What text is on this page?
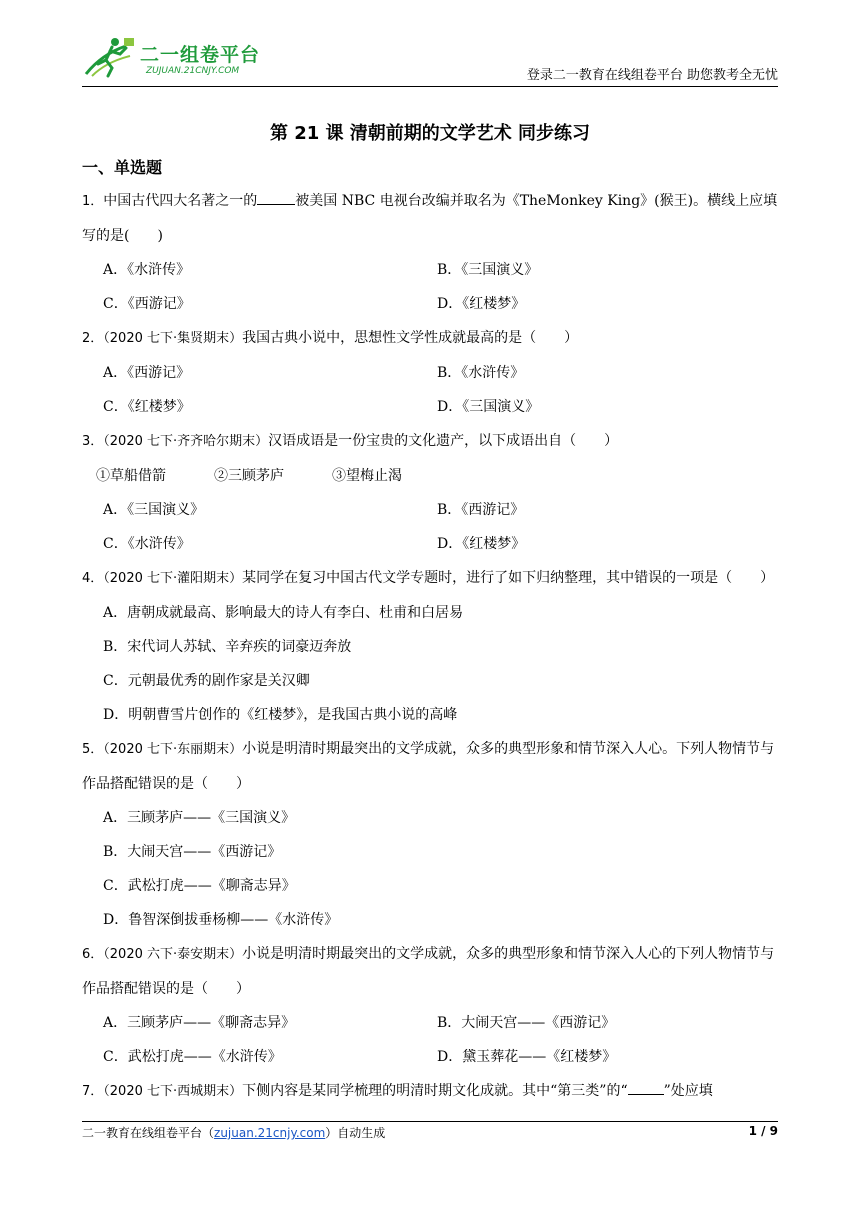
二一组卷平台
ZUJUAN.21CNJY.COM	登录二一教育在线组卷平台 助您教考全无忧
第 21 课 清朝前期的文学艺术 同步练习
一、单选题

1．中国古代四大名著之一的	被美国 NBC 电视台改编并取名为《TheMonkey King》(猴王)。横线上应填写的是(　　)

A．《水浒传》	B．《三国演义》
C．《西游记》	D．《红楼梦》

2．（2020 七下·集贤期末）我国古典小说中，思想性文学性成就最高的是（　　）

A．《西游记》	B．《水浒传》
C．《红楼梦》	D．《三国演义》

3．（2020 七下·齐齐哈尔期末）汉语成语是一份宝贵的文化遗产，以下成语出自（　　）

①草船借箭	②三顾茅庐	③望梅止渴
A．《三国演义》	B．《西游记》
C．《水浒传》	D．《红楼梦》

4．（2020 七下·灌阳期末）某同学在复习中国古代文学专题时，进行了如下归纳整理，其中错误的一项是（　　）

A．唐朝成就最高、影响最大的诗人有李白、杜甫和白居易
B．宋代词人苏轼、辛弃疾的词豪迈奔放
C．元朝最优秀的剧作家是关汉卿
D．明朝曹雪片创作的《红楼梦》，是我国古典小说的高峰

5．（2020 七下·东丽期末）小说是明清时期最突出的文学成就，众多的典型形象和情节深入人心。下列人物情节与作品搭配错误的是（　　）

A．三顾茅庐——《三国演义》
B．大闹天宫——《西游记》
C．武松打虎——《聊斋志异》
D．鲁智深倒拔垂杨柳——《水浒传》

6．（2020 六下·泰安期末）小说是明清时期最突出的文学成就，众多的典型形象和情节深入人心的下列人物情节与作品搭配错误的是（　　）

A．三顾茅庐——《聊斋志异》	B．大闹天宫——《西游记》
C．武松打虎——《水浒传》	D．黛玉葬花——《红楼梦》

7．（2020 七下·西城期末）下侧内容是某同学梳理的明清时期文化成就。其中“第三类”的“	”处应填

二一教育在线组卷平台（zujuan.21cnjy.com）自动生成	1 / 9
